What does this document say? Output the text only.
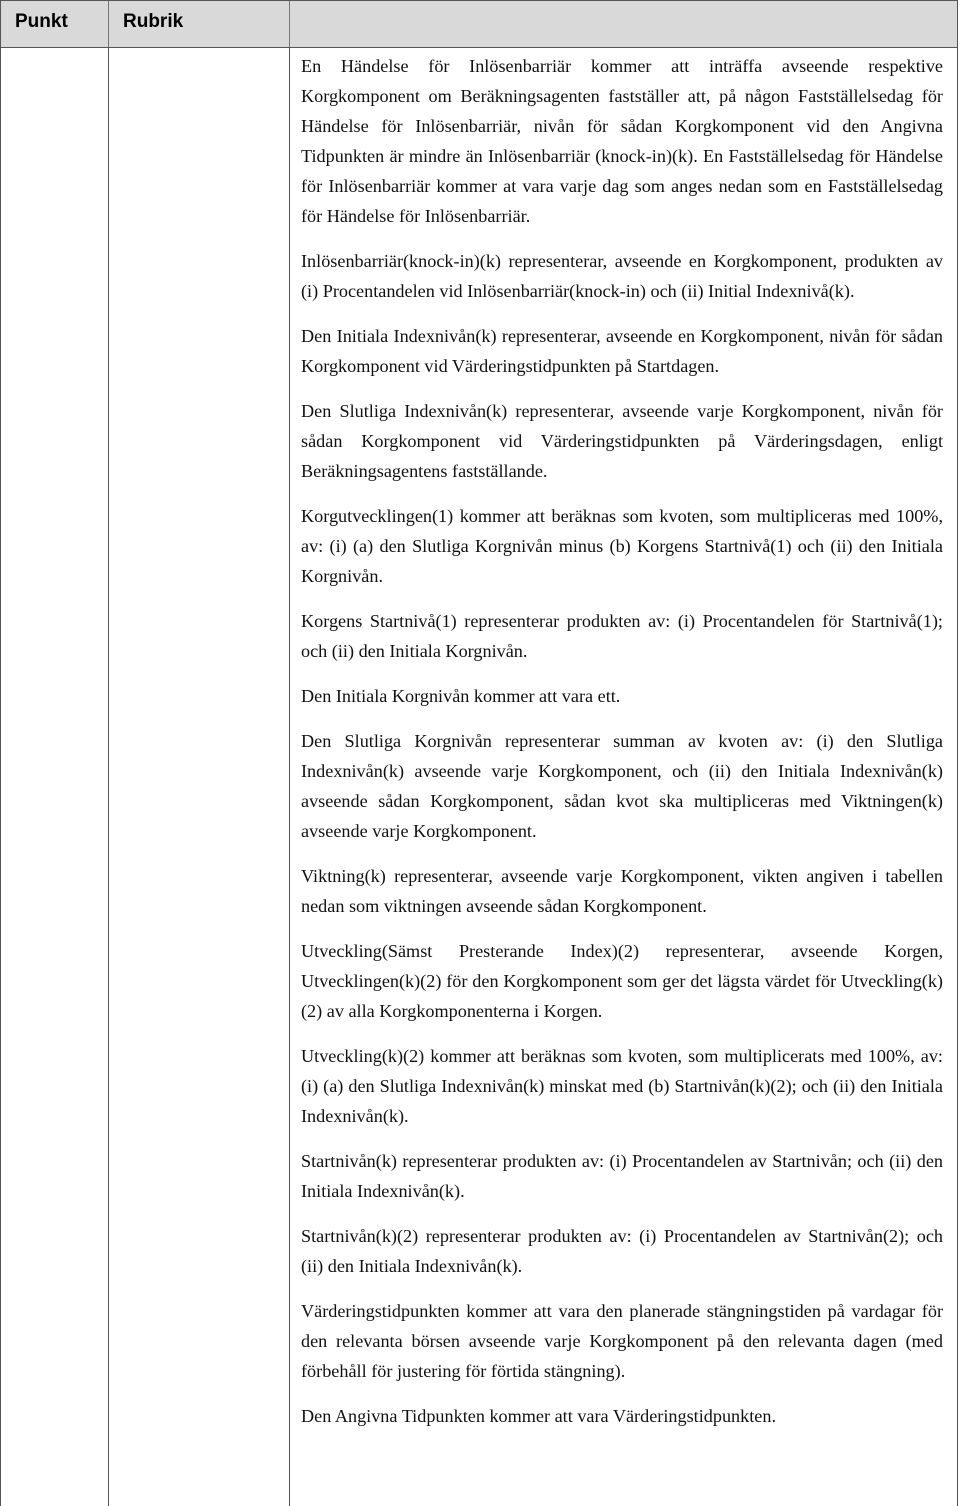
Punkt	Rubrik

En Händelse för Inlösenbarriär kommer att inträffa avseende respektive Korgkomponent om Beräkningsagenten fastställer att, på någon Fastställelsedag för Händelse för Inlösenbarriär, nivån för sådan Korgkomponent vid den Angivna Tidpunkten är mindre än Inlösenbarriär (knock-in)(k). En Fastställelsedag för Händelse för Inlösenbarriär kommer at vara varje dag som anges nedan som en Fastställelsedag för Händelse för Inlösenbarriär.

Inlösenbarriär(knock-in)(k) representerar, avseende en Korgkomponent, produkten av (i) Procentandelen vid Inlösenbarriär(knock-in) och (ii) Initial Indexnivå(k).

Den Initiala Indexnivån(k) representerar, avseende en Korgkomponent, nivån för sådan Korgkomponent vid Värderingstidpunkten på Startdagen.

Den Slutliga Indexnivån(k) representerar, avseende varje Korgkomponent, nivån för sådan Korgkomponent vid Värderingstidpunkten på Värderingsdagen, enligt Beräkningsagentens fastställande.

Korgutvecklingen(1) kommer att beräknas som kvoten, som multipliceras med 100%, av: (i) (a) den Slutliga Korgnivån minus (b) Korgens Startnivå(1) och (ii) den Initiala Korgnivån.

Korgens Startnivå(1) representerar produkten av: (i) Procentandelen för Startnivå(1); och (ii) den Initiala Korgnivån.

Den Initiala Korgnivån kommer att vara ett.

Den Slutliga Korgnivån representerar summan av kvoten av: (i) den Slutliga Indexnivån(k) avseende varje Korgkomponent, och (ii) den Initiala Indexnivån(k) avseende sådan Korgkomponent, sådan kvot ska multipliceras med Viktningen(k) avseende varje Korgkomponent.

Viktning(k) representerar, avseende varje Korgkomponent, vikten angiven i tabellen nedan som viktningen avseende sådan Korgkomponent.

Utveckling(Sämst Presterande Index)(2) representerar, avseende Korgen, Utvecklingen(k)(2) för den Korgkomponent som ger det lägsta värdet för Utveckling(k)(2) av alla Korgkomponenterna i Korgen.

Utveckling(k)(2) kommer att beräknas som kvoten, som multiplicerats med 100%, av: (i) (a) den Slutliga Indexnivån(k) minskat med (b) Startnivån(k)(2); och (ii) den Initiala Indexnivån(k).

Startnivån(k) representerar produkten av: (i) Procentandelen av Startnivån; och (ii) den Initiala Indexnivån(k).

Startnivån(k)(2) representerar produkten av: (i) Procentandelen av Startnivån(2); och (ii) den Initiala Indexnivån(k).

Värderingstidpunkten kommer att vara den planerade stängningstiden på vardagar för den relevanta börsen avseende varje Korgkomponent på den relevanta dagen (med förbehåll för justering för förtida stängning).

Den Angivna Tidpunkten kommer att vara Värderingstidpunkten.
